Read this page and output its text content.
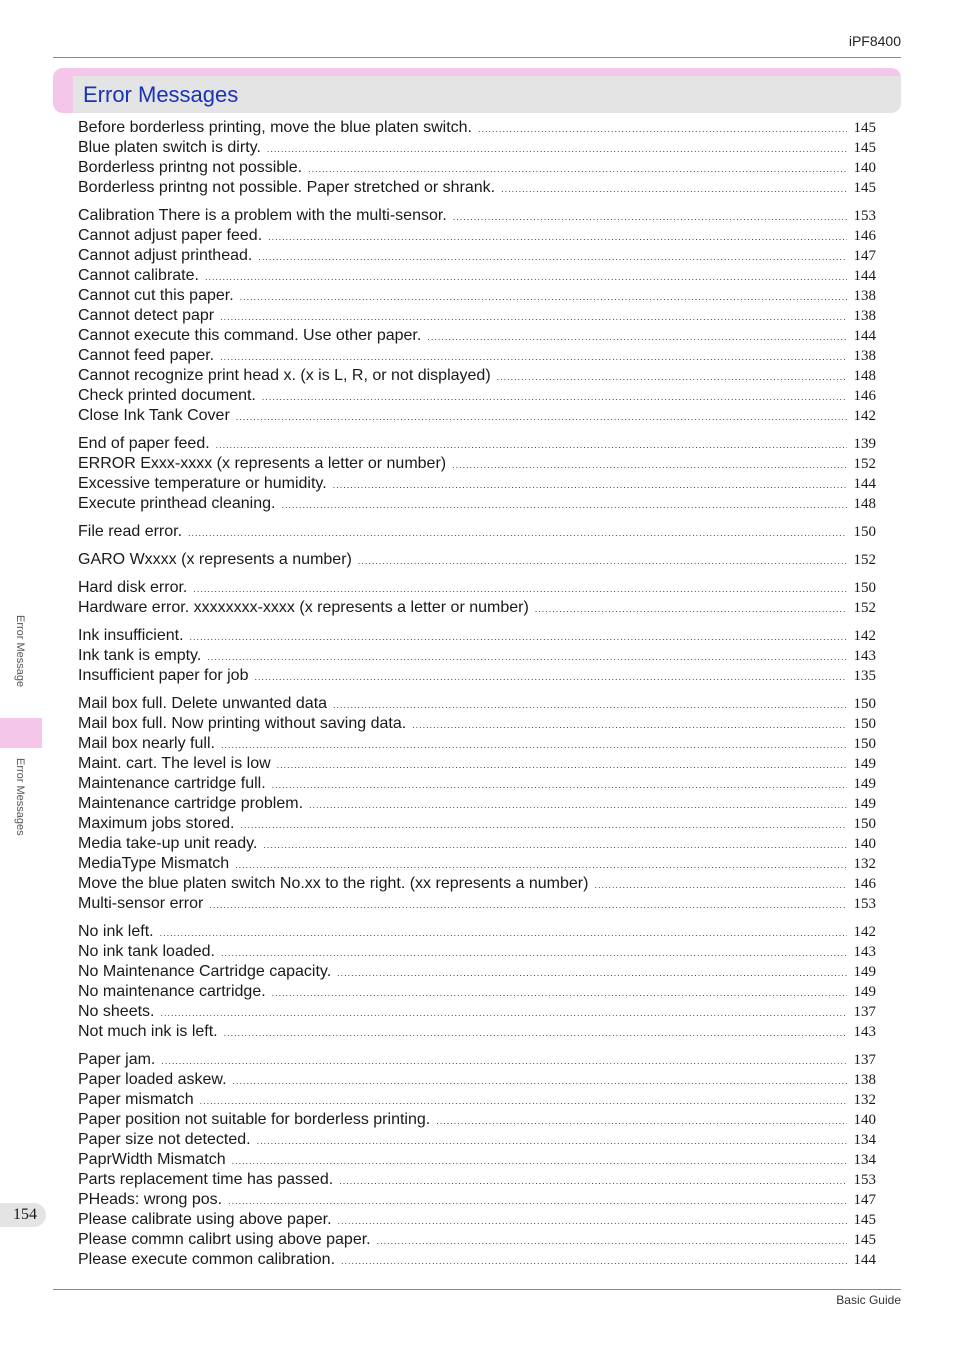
iPF8400
Error Messages
Before borderless printing, move the blue platen switch. .....	145
Blue platen switch is dirty. .....	145
Borderless printng not possible. .....	140
Borderless printng not possible. Paper stretched or shrank. .....	145
Calibration There is a problem with the multi-sensor. .....	153
Cannot adjust paper feed. .....	146
Cannot adjust printhead. .....	147
Cannot calibrate. .....	144
Cannot cut this paper. .....	138
Cannot detect papr .....	138
Cannot execute this command. Use other paper. .....	144
Cannot feed paper. .....	138
Cannot recognize print head x. (x is L, R, or not displayed) .....	148
Check printed document. .....	146
Close Ink Tank Cover .....	142
End of paper feed. .....	139
ERROR Exxx-xxxx (x represents a letter or number) .....	152
Excessive temperature or humidity. .....	144
Execute printhead cleaning. .....	148
File read error. .....	150
GARO Wxxxx (x represents a number) .....	152
Hard disk error. .....	150
Hardware error. xxxxxxxx-xxxx (x represents a letter or number) .....	152
Ink insufficient. .....	142
Ink tank is empty. .....	143
Insufficient paper for job .....	135
Mail box full. Delete unwanted data .....	150
Mail box full. Now printing without saving data. .....	150
Mail box nearly full. .....	150
Maint. cart. The level is low .....	149
Maintenance cartridge full. .....	149
Maintenance cartridge problem. .....	149
Maximum jobs stored. .....	150
Media take-up unit ready. .....	140
MediaType Mismatch .....	132
Move the blue platen switch No.xx to the right. (xx represents a number) .....	146
Multi-sensor error .....	153
No ink left. .....	142
No ink tank loaded. .....	143
No Maintenance Cartridge capacity. .....	149
No maintenance cartridge. .....	149
No sheets. .....	137
Not much ink is left. .....	143
Paper jam. .....	137
Paper loaded askew. .....	138
Paper mismatch .....	132
Paper position not suitable for borderless printing. .....	140
Paper size not detected. .....	134
PaprWidth Mismatch .....	134
Parts replacement time has passed. .....	153
PHeads: wrong pos. .....	147
Please calibrate using above paper. .....	145
Please commn calibrt using above paper. .....	145
Please execute common calibration. .....	144
Error Message
Error Messages
154
Basic Guide
